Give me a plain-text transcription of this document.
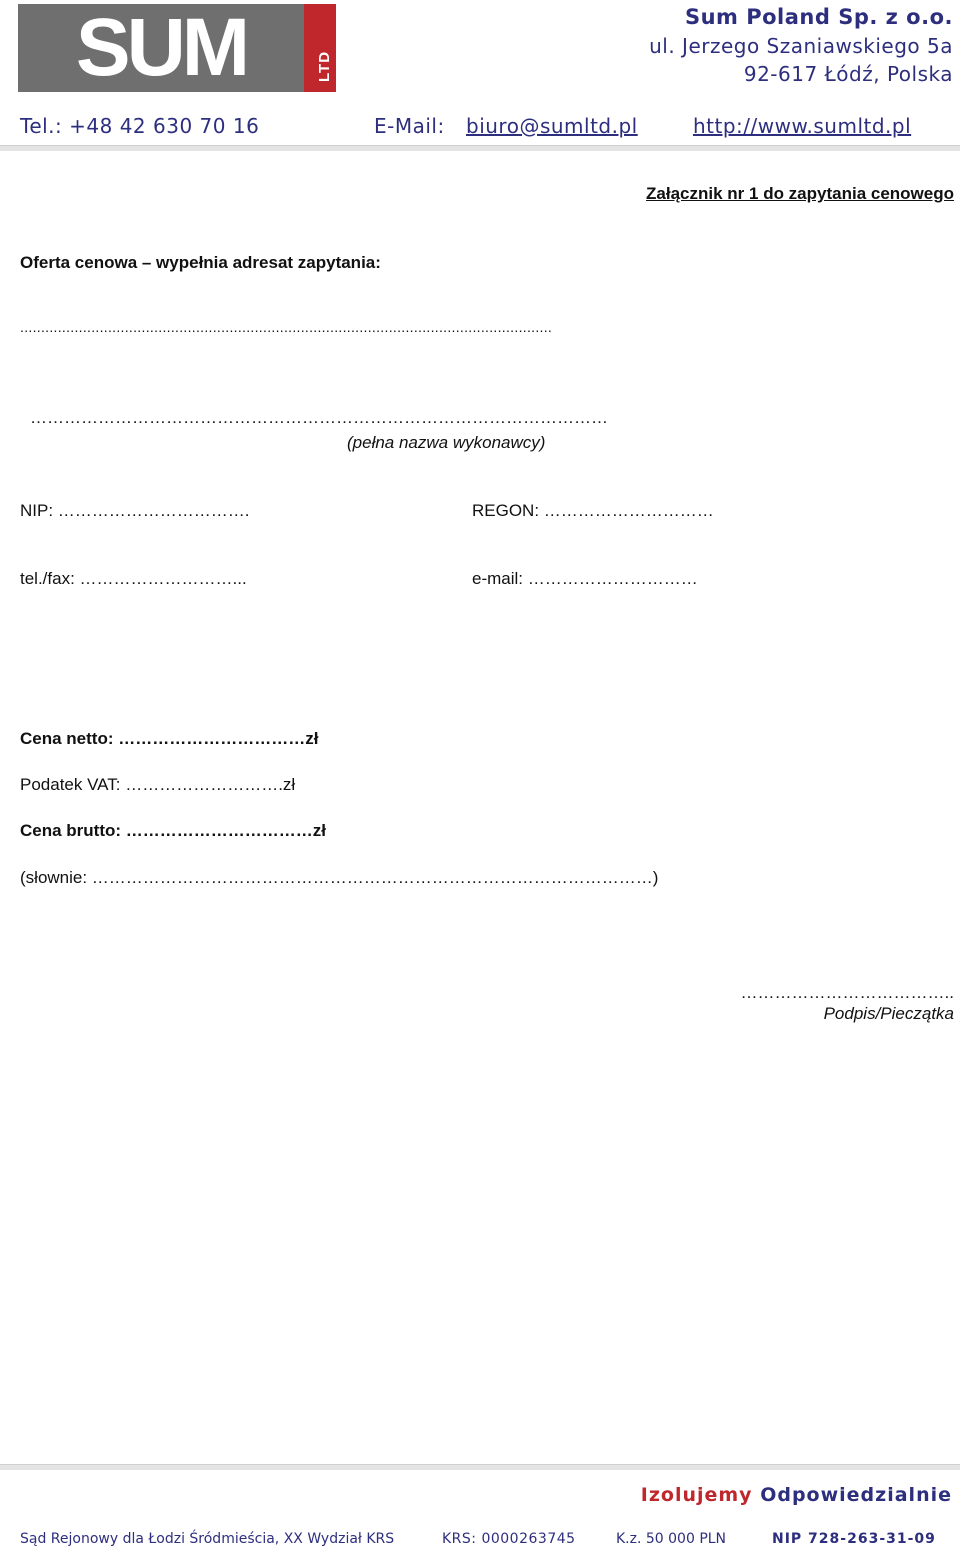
SUM	LTD
Sum Poland Sp. z o.o.
ul. Jerzego Szaniawskiego 5a
92-617 Łódź, Polska
Tel.: +48 42 630 70 16	E-Mail: biuro@sumltd.pl	http://www.sumltd.pl
Załącznik nr 1 do zapytania cenowego
Oferta cenowa – wypełnia adresat zapytania:
...............................................................................................................................
…………………………………………………………………………………………
(pełna nazwa wykonawcy)
NIP: …………………………….	REGON: …………………………
tel./fax: ………………………...	e-mail: …………………………
Cena netto: ……………………………zł
Podatek VAT: ……………………….zł
Cena brutto: ……………………………zł
(słownie: ………………………………………………………………………………………)
………………………………..
Podpis/Pieczątka
Izolujemy Odpowiedzialnie
Sąd Rejonowy dla Łodzi Śródmieścia, XX Wydział KRS	KRS: 0000263745	K.z. 50 000 PLN	NIP 728-263-31-09
